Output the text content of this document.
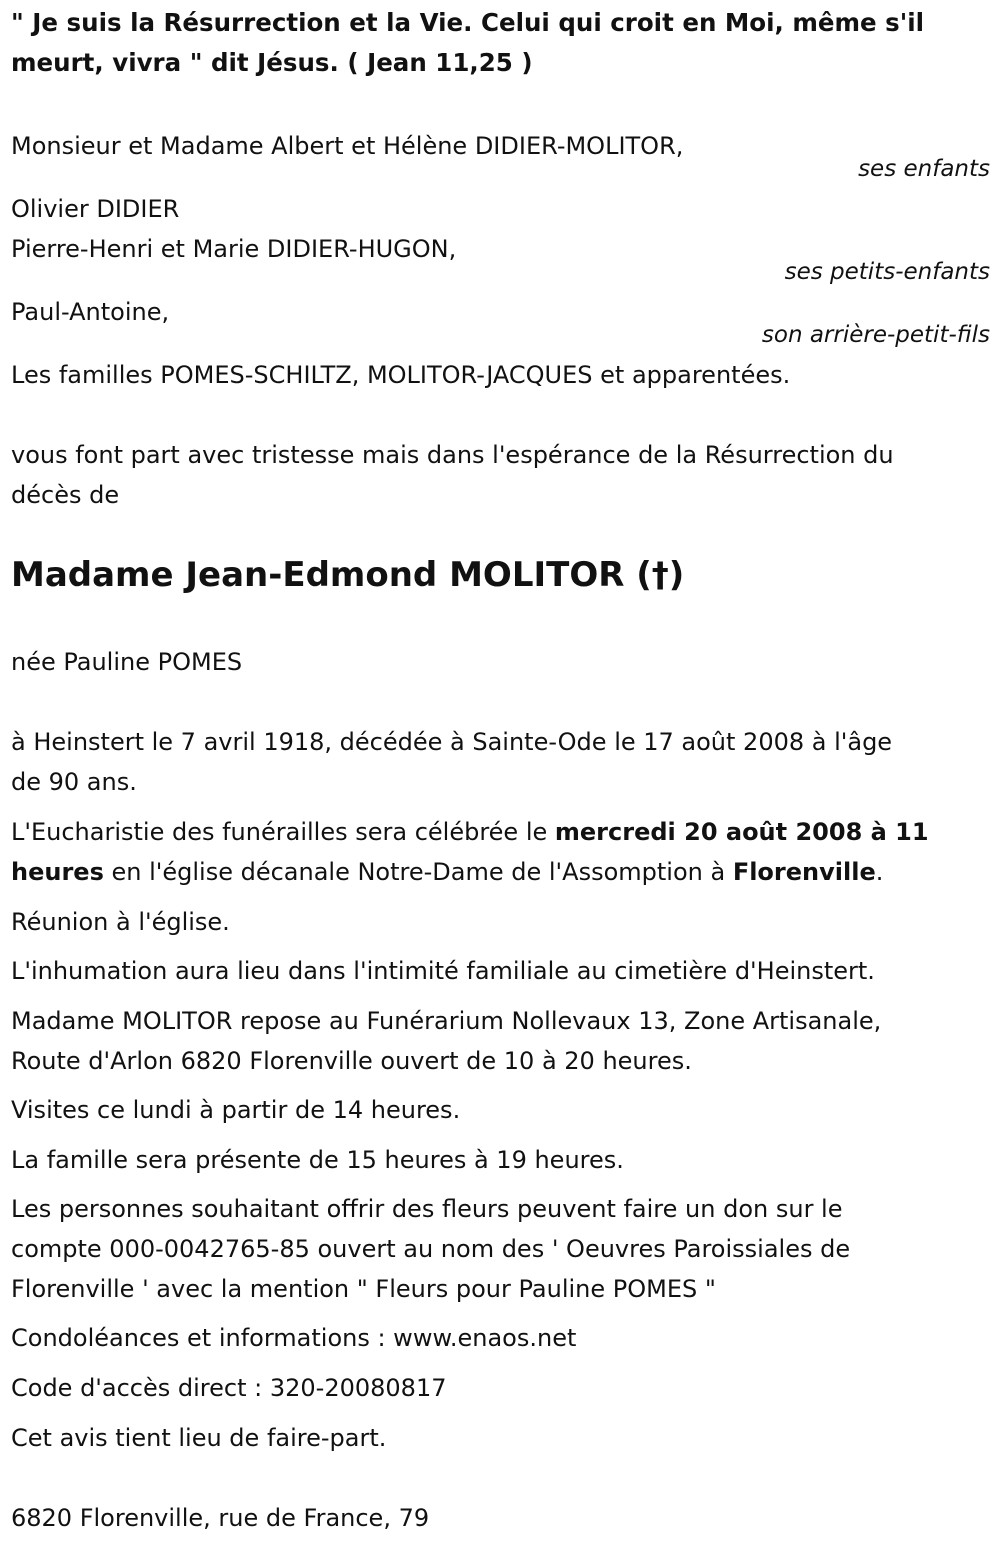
" Je suis la Résurrection et la Vie. Celui qui croit en Moi, même s'il

meurt, vivra " dit Jésus. ( Jean 11,25 )

Monsieur et Madame Albert et Hélène DIDIER-MOLITOR,

ses enfants

Olivier DIDIER

Pierre-Henri et Marie DIDIER-HUGON,

ses petits-enfants

Paul-Antoine,

son arrière-petit-fils

Les familles POMES-SCHILTZ, MOLITOR-JACQUES et apparentées.

vous font part avec tristesse mais dans l'espérance de la Résurrection du

décès de

Madame Jean-Edmond MOLITOR (†)

née Pauline POMES

à Heinstert le 7 avril 1918, décédée à Sainte-Ode le 17 août 2008 à l'âge

de 90 ans.

L'Eucharistie des funérailles sera célébrée le mercredi 20 août 2008 à 11
heures en l'église décanale Notre-Dame de l'Assomption à Florenville.

Réunion à l'église.

L'inhumation aura lieu dans l'intimité familiale au cimetière d'Heinstert.

Madame MOLITOR repose au Funérarium Nollevaux 13, Zone Artisanale,

Route d'Arlon 6820 Florenville ouvert de 10 à 20 heures.

Visites ce lundi à partir de 14 heures.

La famille sera présente de 15 heures à 19 heures.

Les personnes souhaitant offrir des fleurs peuvent faire un don sur le

compte 000-0042765-85 ouvert au nom des ' Oeuvres Paroissiales de

Florenville ' avec la mention " Fleurs pour Pauline POMES "

Condoléances et informations : www.enaos.net

Code d'accès direct : 320-20080817

Cet avis tient lieu de faire-part.

6820 Florenville, rue de France, 79
